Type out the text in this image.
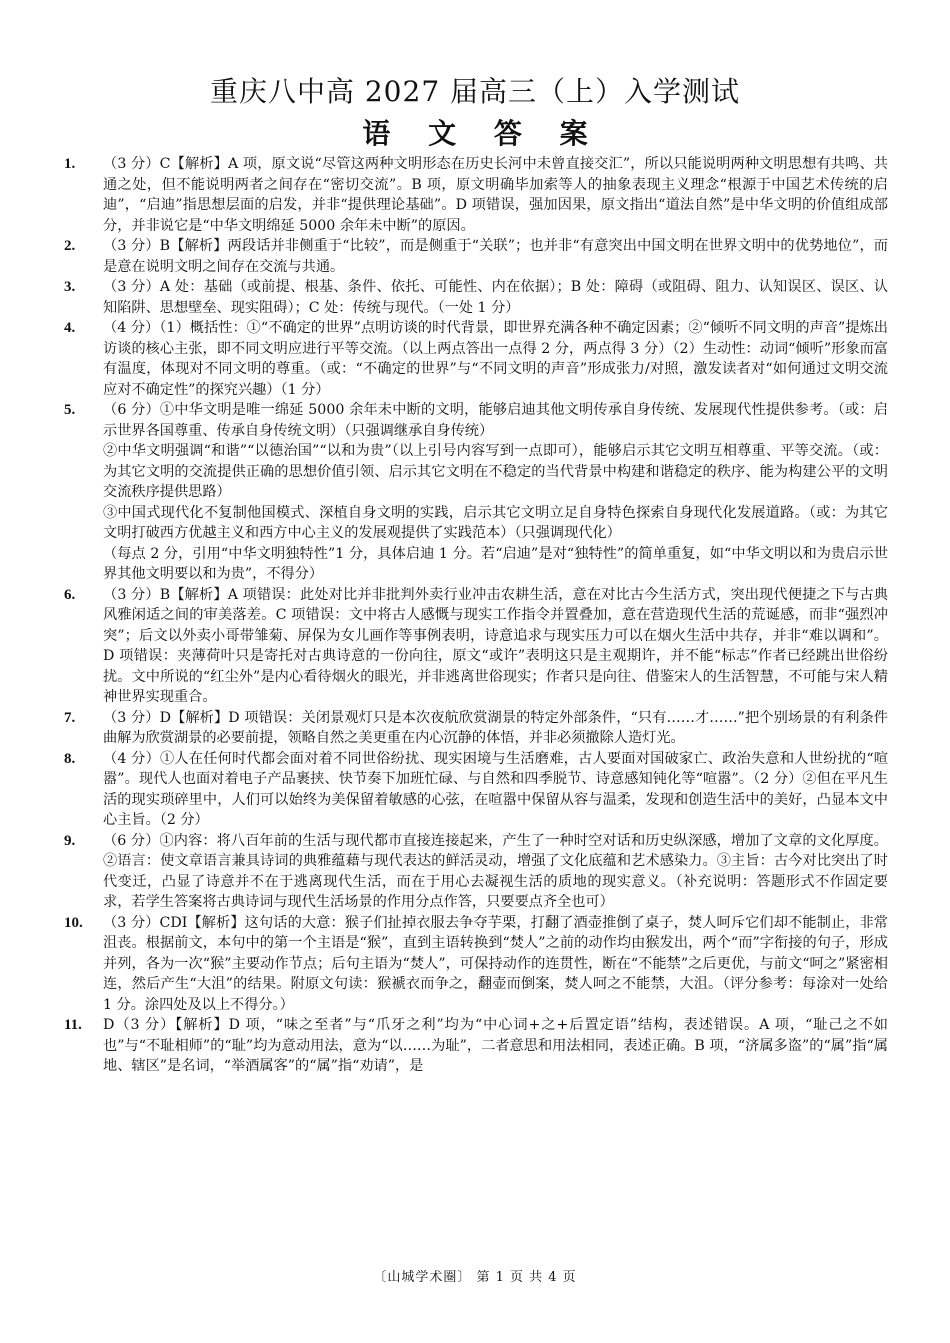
重庆八中高 2027 届高三（上）入学测试
语 文 答 案
1. （3 分）C【解析】A 项，原文说“尽管这两种文明形态在历史长河中未曾直接交汇”，所以只能说明两种文明思想有共鸣、共通之处，但不能说明两者之间存在“密切交流”。B 项，原文明确毕加索等人的抽象表现主义理念“根源于中国艺术传统的启迪”，“启迪”指思想层面的启发，并非“提供理论基础”。D 项错误，强加因果，原文指出“道法自然”是中华文明的价值组成部分，并非说它是“中华文明绵延 5000 余年未中断”的原因。
2. （3 分）B【解析】两段话并非侧重于“比较”，而是侧重于“关联”；也并非“有意突出中国文明在世界文明中的优势地位”，而是意在说明文明之间存在交流与共通。
3. （3 分）A 处：基础（或前提、根基、条件、依托、可能性、内在依据）；B 处：障碍（或阻碍、阻力、认知误区、误区、认知陷阱、思想壁垒、现实阻碍）；C 处：传统与现代。（一处 1 分）
4. （4 分）（1）概括性：①“不确定的世界”点明访谈的时代背景，即世界充满各种不确定因素；②“倾听不同文明的声音”提炼出访谈的核心主张，即不同文明应进行平等交流。（以上两点答出一点得 2 分，两点得 3 分）（2）生动性：动词“倾听”形象而富有温度，体现对不同文明的尊重。（或：“不确定的世界”与“不同文明的声音”形成张力/对照，激发读者对“如何通过文明交流应对不确定性”的探究兴趣）（1 分）
5. （6 分）①中华文明是唯一绵延 5000 余年未中断的文明，能够启迪其他文明传承自身传统、发展现代性提供参考。（或：启示世界各国尊重、传承自身传统文明）（只强调继承自身传统）
②中华文明强调“和谐”“以德治国”“以和为贵”（以上引号内容写到一点即可），能够启示其它文明互相尊重、平等交流。（或：为其它文明的交流提供正确的思想价值引领、启示其它文明在不稳定的当代背景中构建和谐稳定的秩序、能为构建公平的文明交流秩序提供思路）
③中国式现代化不复制他国模式、深植自身文明的实践，启示其它文明立足自身特色探索自身现代化发展道路。（或：为其它文明打破西方优越主义和西方中心主义的发展观提供了实践范本）（只强调现代化）
（每点 2 分，引用“中华文明独特性”1 分，具体启迪 1 分。若“启迪”是对“独特性”的简单重复，如“中华文明以和为贵启示世界其他文明要以和为贵”，不得分）
6. （3 分）B【解析】A 项错误：此处对比并非批判外卖行业冲击农耕生活，意在对比古今生活方式，突出现代便捷之下与古典风雅闲适之间的审美落差。C 项错误：文中将古人感慨与现实工作指令并置叠加，意在营造现代生活的荒诞感，而非“强烈冲突”；后文以外卖小哥带雏菊、屏保为女儿画作等事例表明，诗意追求与现实压力可以在烟火生活中共存，并非“难以调和”。D 项错误：夹薄荷叶只是寄托对古典诗意的一份向往，原文“或许”表明这只是主观期许，并不能“标志”作者已经跳出世俗纷扰。文中所说的“红尘外”是内心看待烟火的眼光，并非逃离世俗现实；作者只是向往、借鉴宋人的生活智慧，不可能与宋人精神世界实现重合。
7. （3 分）D【解析】D 项错误：关闭景观灯只是本次夜航欣赏湖景的特定外部条件，“只有……才……”把个别场景的有利条件曲解为欣赏湖景的必要前提，领略自然之美更重在内心沉静的体悟，并非必须撤除人造灯光。
8. （4 分）①人在任何时代都会面对着不同世俗纷扰、现实困境与生活磨难，古人要面对国破家亡、政治失意和人世纷扰的“喧嚣”。现代人也面对着电子产品裹挟、快节奏下加班忙碌、与自然和四季脱节、诗意感知钝化等“喧嚣”。（2 分）②但在平凡生活的现实琐碎里中，人们可以始终为美保留着敏感的心弦，在喧嚣中保留从容与温柔，发现和创造生活中的美好，凸显本文中心主旨。（2 分）
9. （6 分）①内容：将八百年前的生活与现代都市直接连接起来，产生了一种时空对话和历史纵深感，增加了文章的文化厚度。②语言：使文章语言兼具诗词的典雅蕴藉与现代表达的鲜活灵动，增强了文化底蕴和艺术感染力。③主旨：古今对比突出了时代变迁，凸显了诗意并不在于逃离现代生活，而在于用心去凝视生活的质地的现实意义。（补充说明：答题形式不作固定要求，若学生答案将古典诗词与现代生活场景的作用分点作答，只要要点齐全也可）
10. （3 分）CDI【解析】这句话的大意：猴子们扯掉衣服去争夺芋栗，打翻了酒壶推倒了桌子，焚人呵斥它们却不能制止，非常沮丧。根据前文，本句中的第一个主语是“猴”，直到主语转换到“焚人”之前的动作均由猴发出，两个“而”字衔接的句子，形成并列，各为一次“猴”主要动作节点；后句主语为“焚人”，可保持动作的连贯性，断在“不能禁”之后更优，与前文“呵之”紧密相连，然后产生“大沮”的结果。附原文句读：猴褫衣而争之，翻壶而倒案，焚人呵之不能禁，大沮。（评分参考：每涂对一处给 1 分。涂四处及以上不得分。）
11. D（3 分）【解析】D 项，“味之至者”与“爪牙之利”均为“中心词+之+后置定语”结构，表述错误。A 项，“耻己之不如也”与“不耻相师”的“耻”均为意动用法，意为“以……为耻”，二者意思和用法相同，表述正确。B 项，“济属多盗”的“属”指“属地、辖区”是名词，“举酒属客”的“属”指“劝请”，是
〔山城学术圈〕 第 1 页 共 4 页
